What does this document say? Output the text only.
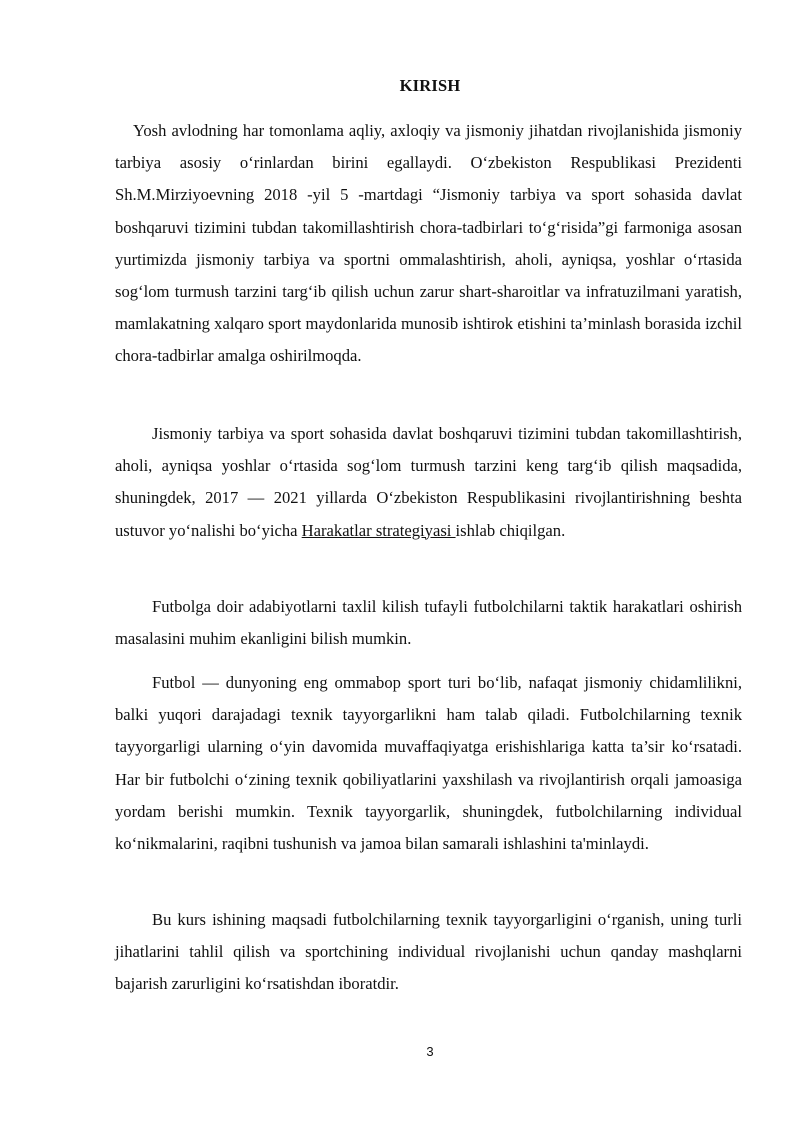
KIRISH

Yosh avlodning har tomonlama aqliy, axloqiy va jismoniy jihatdan rivojlanishida jismoniy tarbiya asosiy o‘rinlardan birini egallaydi. O‘zbekiston Respublikasi Prezidenti Sh.M.Mirziyoevning 2018 -yil 5 -martdagi “Jismoniy tarbiya va sport sohasida davlat boshqaruvi tizimini tubdan takomillashtirish chora-tadbirlari to‘g‘risida”gi farmoniga asosan yurtimizda jismoniy tarbiya va sportni ommalashtirish, aholi, ayniqsa, yoshlar o‘rtasida sog‘lom turmush tarzini targ‘ib qilish uchun zarur shart-sharoitlar va infratuzilmani yaratish, mamlakatning xalqaro sport maydonlarida munosib ishtirok etishini ta’minlash borasida izchil chora-tadbirlar amalga oshirilmoqda.

Jismoniy tarbiya va sport sohasida davlat boshqaruvi tizimini tubdan takomillashtirish, aholi, ayniqsa yoshlar o‘rtasida sog‘lom turmush tarzini keng targ‘ib qilish maqsadida, shuningdek, 2017 — 2021 yillarda O‘zbekiston Respublikasini rivojlantirishning beshta ustuvor yo‘nalishi bo‘yicha Harakatlar strategiyasi ishlab chiqilgan.

Futbolga doir adabiyotlarni taxlil kilish tufayli futbolchilarni taktik harakatlari oshirish masalasini muhim ekanligini bilish mumkin.

Futbol — dunyoning eng ommabop sport turi bo‘lib, nafaqat jismoniy chidamlilikni, balki yuqori darajadagi texnik tayyorgarlikni ham talab qiladi. Futbolchilarning texnik tayyorgarligi ularning o‘yin davomida muvaffaqiyatga erishishlariga katta ta’sir ko‘rsatadi. Har bir futbolchi o‘zining texnik qobiliyatlarini yaxshilash va rivojlantirish orqali jamoasiga yordam berishi mumkin. Texnik tayyorgarlik, shuningdek, futbolchilarning individual ko‘nikmalarini, raqibni tushunish va jamoa bilan samarali ishlashini ta'minlaydi.

Bu kurs ishining maqsadi futbolchilarning texnik tayyorgarligini o‘rganish, uning turli jihatlarini tahlil qilish va sportchining individual rivojlanishi uchun qanday mashqlarni bajarish zarurligini ko‘rsatishdan iboratdir.

3
